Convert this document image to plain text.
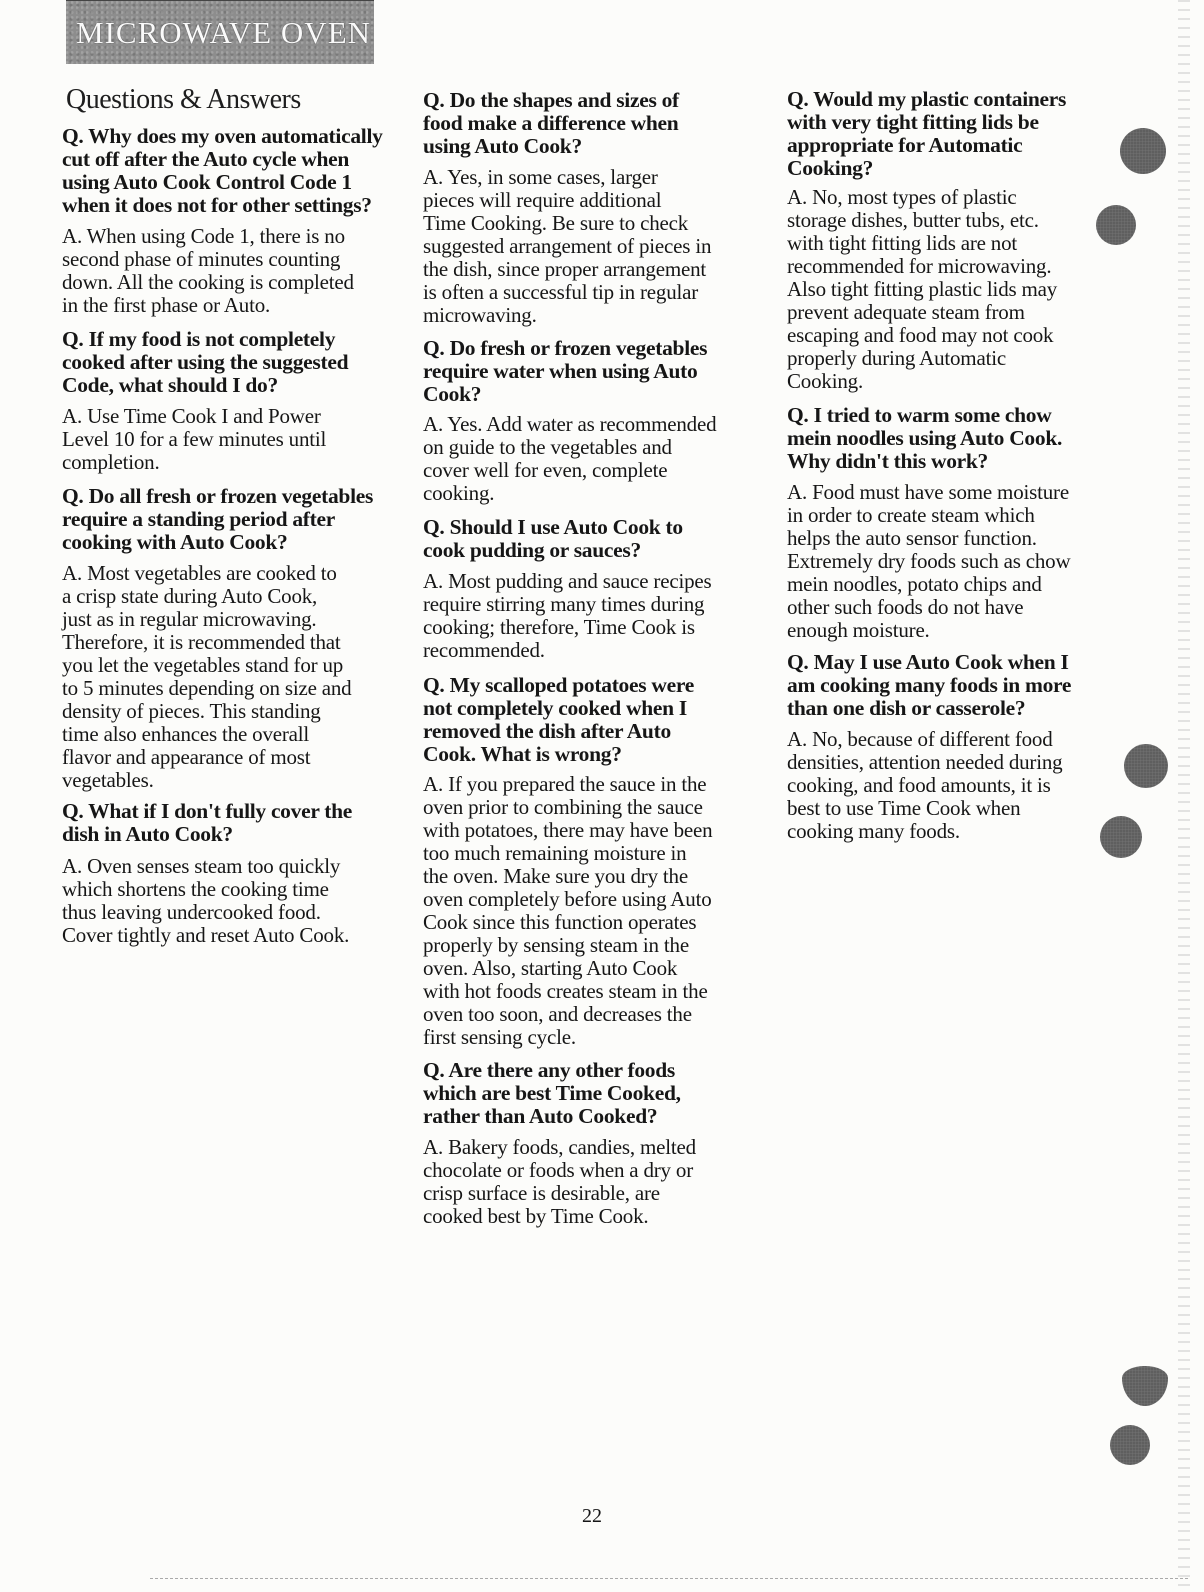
MICROWAVE OVEN
Questions & Answers
Q. Why does my oven automatically
cut off after the Auto cycle when
using Auto Cook Control Code 1
when it does not for other settings?
A. When using Code 1, there is no
second phase of minutes counting
down. All the cooking is completed
in the first phase or Auto.
Q. If my food is not completely
cooked after using the suggested
Code, what should I do?
A. Use Time Cook I and Power
Level 10 for a few minutes until
completion.
Q. Do all fresh or frozen vegetables
require a standing period after
cooking with Auto Cook?
A. Most vegetables are cooked to
a crisp state during Auto Cook,
just as in regular microwaving.
Therefore, it is recommended that
you let the vegetables stand for up
to 5 minutes depending on size and
density of pieces. This standing
time also enhances the overall
flavor and appearance of most
vegetables.
Q. What if I don't fully cover the
dish in Auto Cook?
A. Oven senses steam too quickly
which shortens the cooking time
thus leaving undercooked food.
Cover tightly and reset Auto Cook.
Q. Do the shapes and sizes of
food make a difference when
using Auto Cook?
A. Yes, in some cases, larger
pieces will require additional
Time Cooking. Be sure to check
suggested arrangement of pieces in
the dish, since proper arrangement
is often a successful tip in regular
microwaving.
Q. Do fresh or frozen vegetables
require water when using Auto
Cook?
A. Yes. Add water as recommended
on guide to the vegetables and
cover well for even, complete
cooking.
Q. Should I use Auto Cook to
cook pudding or sauces?
A. Most pudding and sauce recipes
require stirring many times during
cooking; therefore, Time Cook is
recommended.
Q. My scalloped potatoes were
not completely cooked when I
removed the dish after Auto
Cook. What is wrong?
A. If you prepared the sauce in the
oven prior to combining the sauce
with potatoes, there may have been
too much remaining moisture in
the oven. Make sure you dry the
oven completely before using Auto
Cook since this function operates
properly by sensing steam in the
oven. Also, starting Auto Cook
with hot foods creates steam in the
oven too soon, and decreases the
first sensing cycle.
Q. Are there any other foods
which are best Time Cooked,
rather than Auto Cooked?
A. Bakery foods, candies, melted
chocolate or foods when a dry or
crisp surface is desirable, are
cooked best by Time Cook.
Q. Would my plastic containers
with very tight fitting lids be
appropriate for Automatic
Cooking?
A. No, most types of plastic
storage dishes, butter tubs, etc.
with tight fitting lids are not
recommended for microwaving.
Also tight fitting plastic lids may
prevent adequate steam from
escaping and food may not cook
properly during Automatic
Cooking.
Q. I tried to warm some chow
mein noodles using Auto Cook.
Why didn't this work?
A. Food must have some moisture
in order to create steam which
helps the auto sensor function.
Extremely dry foods such as chow
mein noodles, potato chips and
other such foods do not have
enough moisture.
Q. May I use Auto Cook when I
am cooking many foods in more
than one dish or casserole?
A. No, because of different food
densities, attention needed during
cooking, and food amounts, it is
best to use Time Cook when
cooking many foods.
22
